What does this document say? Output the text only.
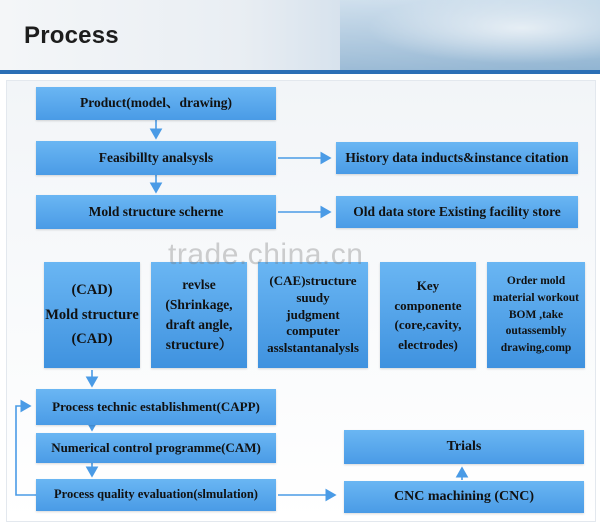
Process
Product(model、drawing)
Feasibillty analsysls	History data inducts&instance citation
Mold structure scherne	Old data store Existing facility store
(CAD)
Mold structure
(CAD)
revlse
(Shrinkage,
draft angle,
structure）
(CAE)structure
suudy
judgment
computer
asslstantanalysls
Key
componente
(core,cavity,
electrodes)
Order mold
material workout
BOM ,take
outassembly
drawing,comp
trade.china.cn
Process technic establishment(CAPP)
Numerical control programme(CAM)
Process quality evaluation(slmulation)
Trials
CNC machining (CNC)
